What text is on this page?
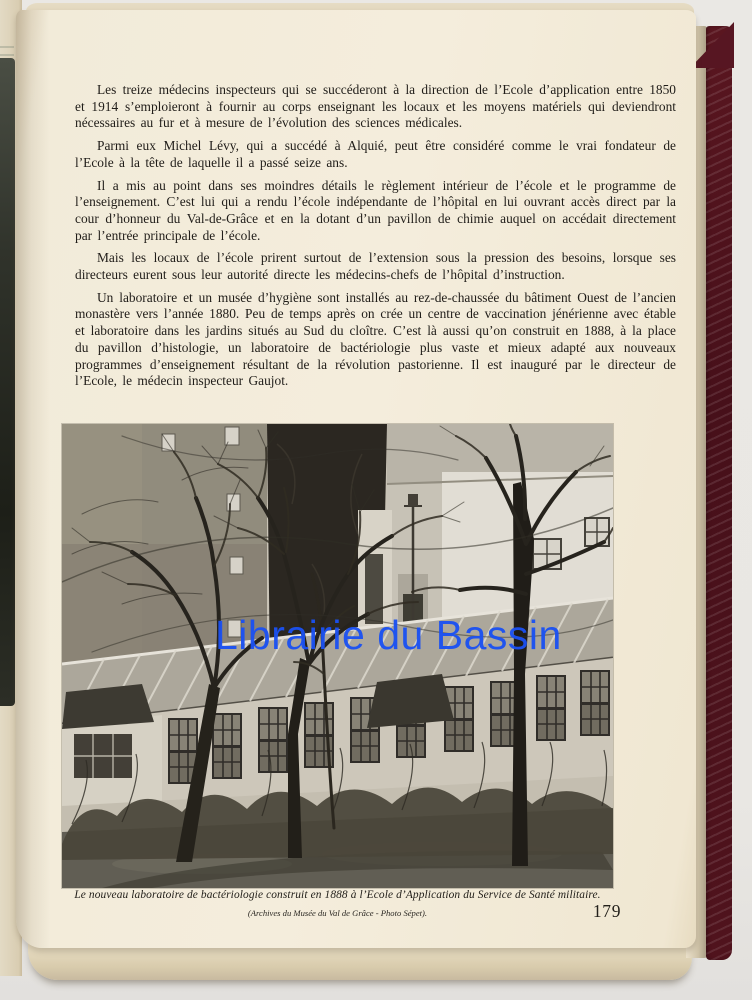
Les treize médecins inspecteurs qui se succéderont à la direction de l’Ecole d’application entre 1850 et 1914 s’emploieront à fournir au corps enseignant les locaux et les moyens matériels qui deviendront nécessaires au fur et à mesure de l’évolution des sciences médicales.

Parmi eux Michel Lévy, qui a succédé à Alquié, peut être considéré comme le vrai fondateur de l’Ecole à la tête de laquelle il a passé seize ans.

Il a mis au point dans ses moindres détails le règlement intérieur de l’école et le programme de l’enseignement. C’est lui qui a rendu l’école indépendante de l’hôpital en lui ouvrant accès direct par la cour d’honneur du Val-de-Grâce et en la dotant d’un pavillon de chimie auquel on accédait directement par l’entrée principale de l’école.

Mais les locaux de l’école prirent surtout de l’extension sous la pression des besoins, lorsque ses directeurs eurent sous leur autorité directe les médecins-chefs de l’hôpital d’instruction.

Un laboratoire et un musée d’hygiène sont installés au rez-de-chaussée du bâtiment Ouest de l’ancien monastère vers l’année 1880. Peu de temps après on crée un centre de vaccination jénérienne avec étable et laboratoire dans les jardins situés au Sud du cloître. C’est là aussi qu’on construit en 1888, à la place du pavillon d’histologie, un laboratoire de bactériologie plus vaste et mieux adapté aux nouveaux programmes d’enseignement résultant de la révolution pastorienne. Il est inauguré par le directeur de l’Ecole, le médecin inspecteur Gaujot.

Le nouveau laboratoire de bactériologie construit en 1888 à l’Ecole d’Application du Service de Santé militaire.
(Archives du Musée du Val de Grâce - Photo Sépet).	179
Librairie du Bassin
